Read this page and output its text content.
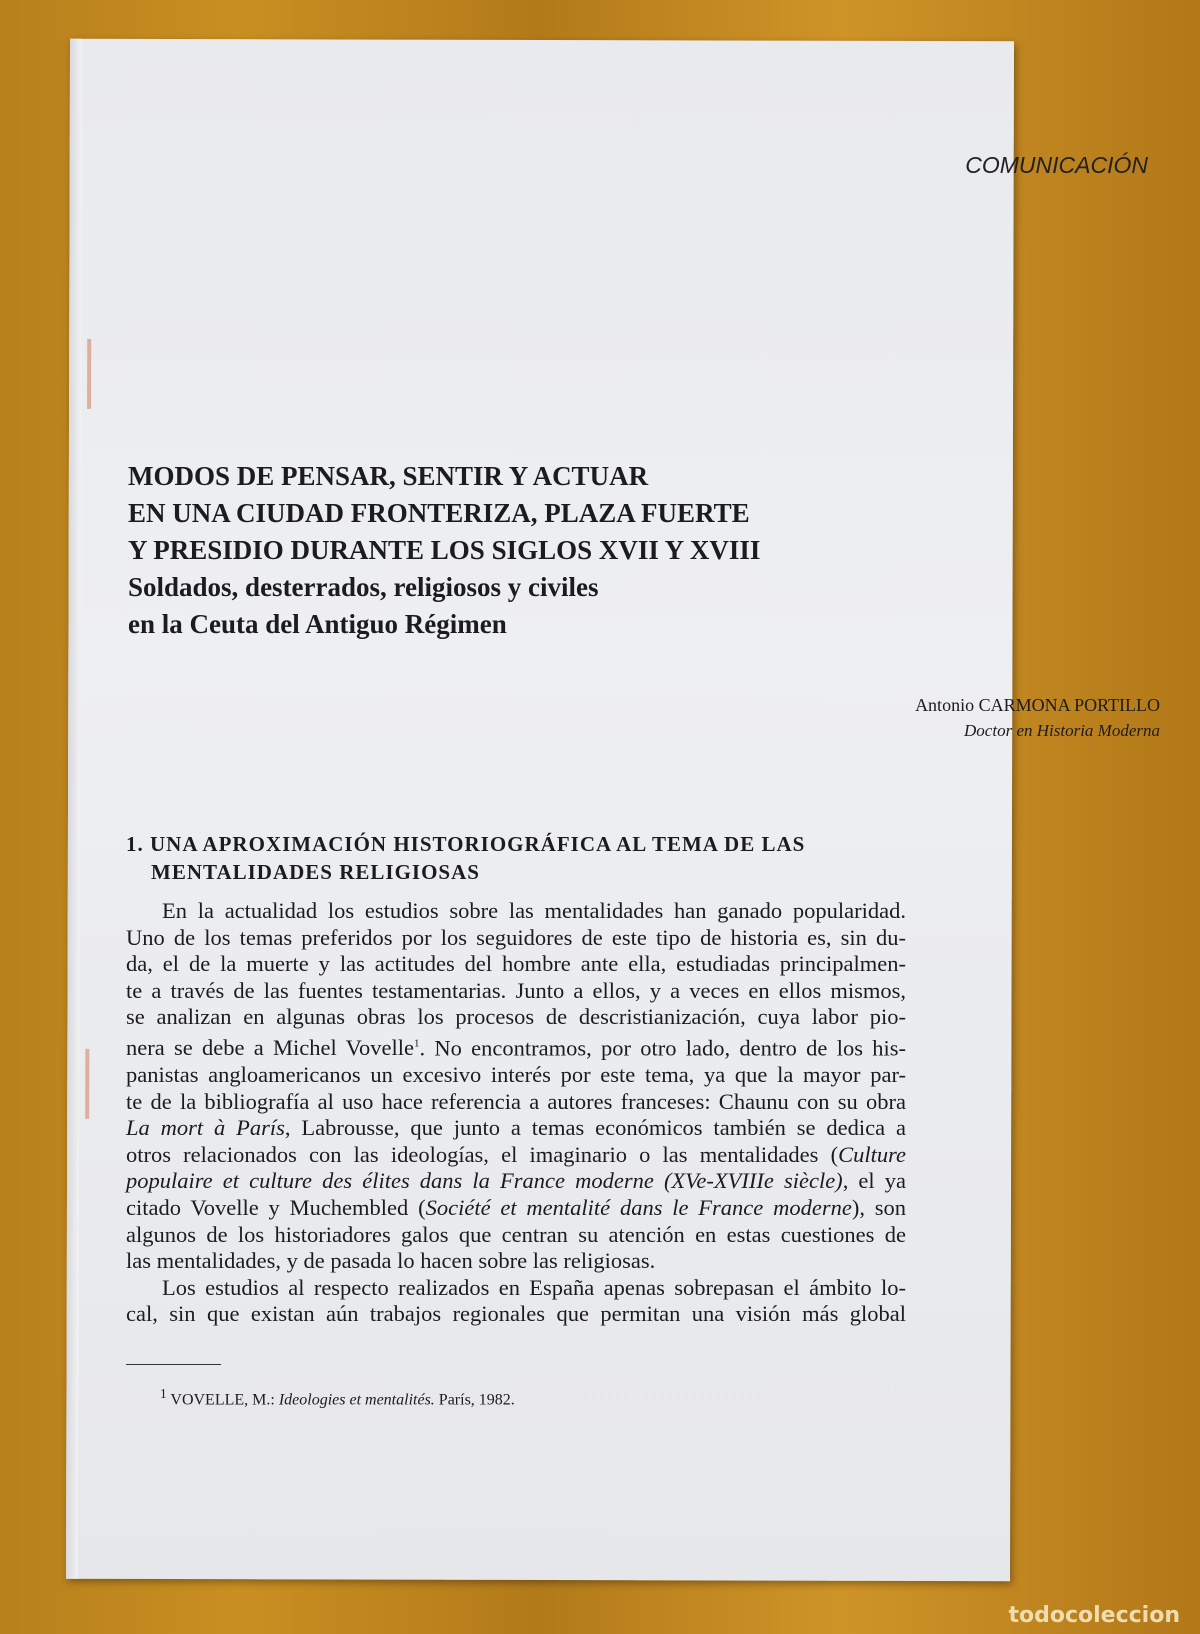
COMUNICACIÓN
MODOS DE PENSAR, SENTIR Y ACTUAR
EN UNA CIUDAD FRONTERIZA, PLAZA FUERTE
Y PRESIDIO DURANTE LOS SIGLOS XVII Y XVIII
Soldados, desterrados, religiosos y civiles
en la Ceuta del Antiguo Régimen
Antonio CARMONA PORTILLO
Doctor en Historia Moderna
1. UNA APROXIMACIÓN HISTORIOGRÁFICA AL TEMA DE LAS
MENTALIDADES RELIGIOSAS
En la actualidad los estudios sobre las mentalidades han ganado popularidad.
Uno de los temas preferidos por los seguidores de este tipo de historia es, sin du-
da, el de la muerte y las actitudes del hombre ante ella, estudiadas principalmen-
te a través de las fuentes testamentarias. Junto a ellos, y a veces en ellos mismos,
se analizan en algunas obras los procesos de descristianización, cuya labor pio-
nera se debe a Michel Vovelle$^1$. No encontramos, por otro lado, dentro de los his-
panistas angloamericanos un excesivo interés por este tema, ya que la mayor par-
te de la bibliografía al uso hace referencia a autores franceses: Chaunu con su obra
La mort à París, Labrousse, que junto a temas económicos también se dedica a
otros relacionados con las ideologías, el imaginario o las mentalidades (Culture
populaire et culture des élites dans la France moderne (XVe-XVIIIe siècle), el ya
citado Vovelle y Muchembled (Société et mentalité dans le France moderne), son
algunos de los historiadores galos que centran su atención en estas cuestiones de
las mentalidades, y de pasada lo hacen sobre las religiosas.
Los estudios al respecto realizados en España apenas sobrepasan el ámbito lo-
cal, sin que existan aún trabajos regionales que permitan una visión más global
$^1$ VOVELLE, M.: Ideologies et mentalités. París, 1982.
todocoleccion
